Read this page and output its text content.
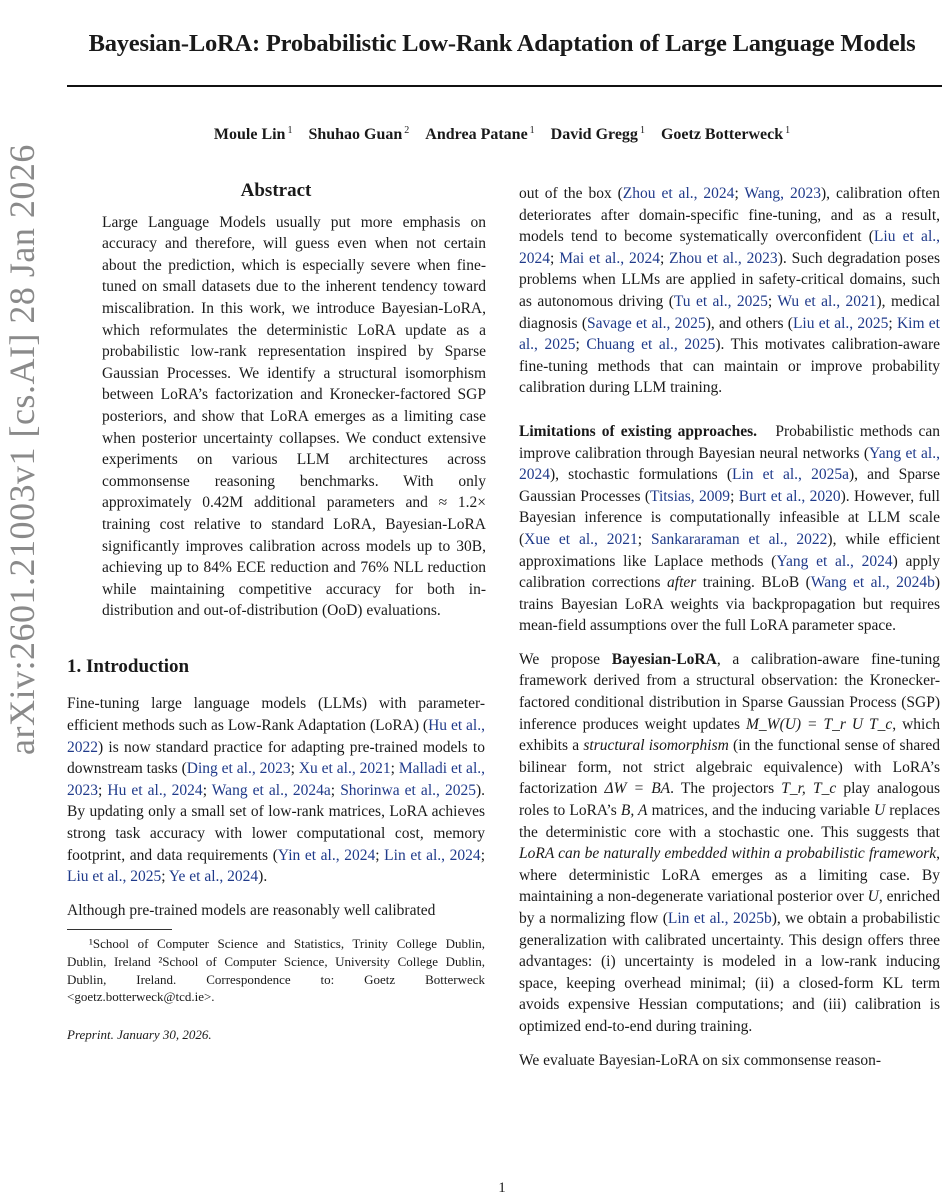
arXiv:2601.21003v1 [cs.AI] 28 Jan 2026
Bayesian-LoRA: Probabilistic Low-Rank Adaptation of Large Language Models
Moule Lin $^1$ Shuhao Guan $^2$ Andrea Patane $^1$ David Gregg $^1$ Goetz Botterweck $^1$
Abstract

Large Language Models usually put more emphasis on accuracy and therefore, will guess even when not certain about the prediction, which is especially severe when fine-tuned on small datasets due to the inherent tendency toward miscalibration. In this work, we introduce Bayesian-LoRA, which reformulates the deterministic LoRA update as a probabilistic low-rank representation inspired by Sparse Gaussian Processes. We identify a structural isomorphism between LoRA’s factorization and Kronecker-factored SGP posteriors, and show that LoRA emerges as a limiting case when posterior uncertainty collapses. We conduct extensive experiments on various LLM architectures across commonsense reasoning benchmarks. With only approximately 0.42M additional parameters and ≈ 1.2× training cost relative to standard LoRA, Bayesian-LoRA significantly improves calibration across models up to 30B, achieving up to 84% ECE reduction and 76% NLL reduction while maintaining competitive accuracy for both in-distribution and out-of-distribution (OoD) evaluations.

1. Introduction

Fine-tuning large language models (LLMs) with parameter-efficient methods such as Low-Rank Adaptation (LoRA) (Hu et al., 2022) is now standard practice for adapting pre-trained models to downstream tasks (Ding et al., 2023; Xu et al., 2021; Malladi et al., 2023; Hu et al., 2024; Wang et al., 2024a; Shorinwa et al., 2025). By updating only a small set of low-rank matrices, LoRA achieves strong task accuracy with lower computational cost, memory footprint, and data requirements (Yin et al., 2024; Lin et al., 2024; Liu et al., 2025; Ye et al., 2024).

Although pre-trained models are reasonably well calibrated

¹School of Computer Science and Statistics, Trinity College Dublin, Dublin, Ireland ²School of Computer Science, University College Dublin, Dublin, Ireland. Correspondence to: Goetz Botterweck <goetz.botterweck@tcd.ie>.

Preprint. January 30, 2026.

out of the box (Zhou et al., 2024; Wang, 2023), calibration often deteriorates after domain-specific fine-tuning, and as a result, models tend to become systematically overconfident (Liu et al., 2024; Mai et al., 2024; Zhou et al., 2023). Such degradation poses problems when LLMs are applied in safety-critical domains, such as autonomous driving (Tu et al., 2025; Wu et al., 2021), medical diagnosis (Savage et al., 2025), and others (Liu et al., 2025; Kim et al., 2025; Chuang et al., 2025). This motivates calibration-aware fine-tuning methods that can maintain or improve probability calibration during LLM training.

Limitations of existing approaches. Probabilistic methods can improve calibration through Bayesian neural networks (Yang et al., 2024), stochastic formulations (Lin et al., 2025a), and Sparse Gaussian Processes (Titsias, 2009; Burt et al., 2020). However, full Bayesian inference is computationally infeasible at LLM scale (Xue et al., 2021; Sankararaman et al., 2022), while efficient approximations like Laplace methods (Yang et al., 2024) apply calibration corrections after training. BLoB (Wang et al., 2024b) trains Bayesian LoRA weights via backpropagation but requires mean-field assumptions over the full LoRA parameter space.

We propose Bayesian-LoRA, a calibration-aware fine-tuning framework derived from a structural observation: the Kronecker-factored conditional distribution in Sparse Gaussian Process (SGP) inference produces weight updates M_W(U) = T_r U T_c, which exhibits a structural isomorphism (in the functional sense of shared bilinear form, not strict algebraic equivalence) with LoRA’s factorization ΔW = BA. The projectors T_r, T_c play analogous roles to LoRA’s B, A matrices, and the inducing variable U replaces the deterministic core with a stochastic one. This suggests that LoRA can be naturally embedded within a probabilistic framework, where deterministic LoRA emerges as a limiting case. By maintaining a non-degenerate variational posterior over U, enriched by a normalizing flow (Lin et al., 2025b), we obtain a probabilistic generalization with calibrated uncertainty. This design offers three advantages: (i) uncertainty is modeled in a low-rank inducing space, keeping overhead minimal; (ii) a closed-form KL term avoids expensive Hessian computations; and (iii) calibration is optimized end-to-end during training.

We evaluate Bayesian-LoRA on six commonsense reason-

1
